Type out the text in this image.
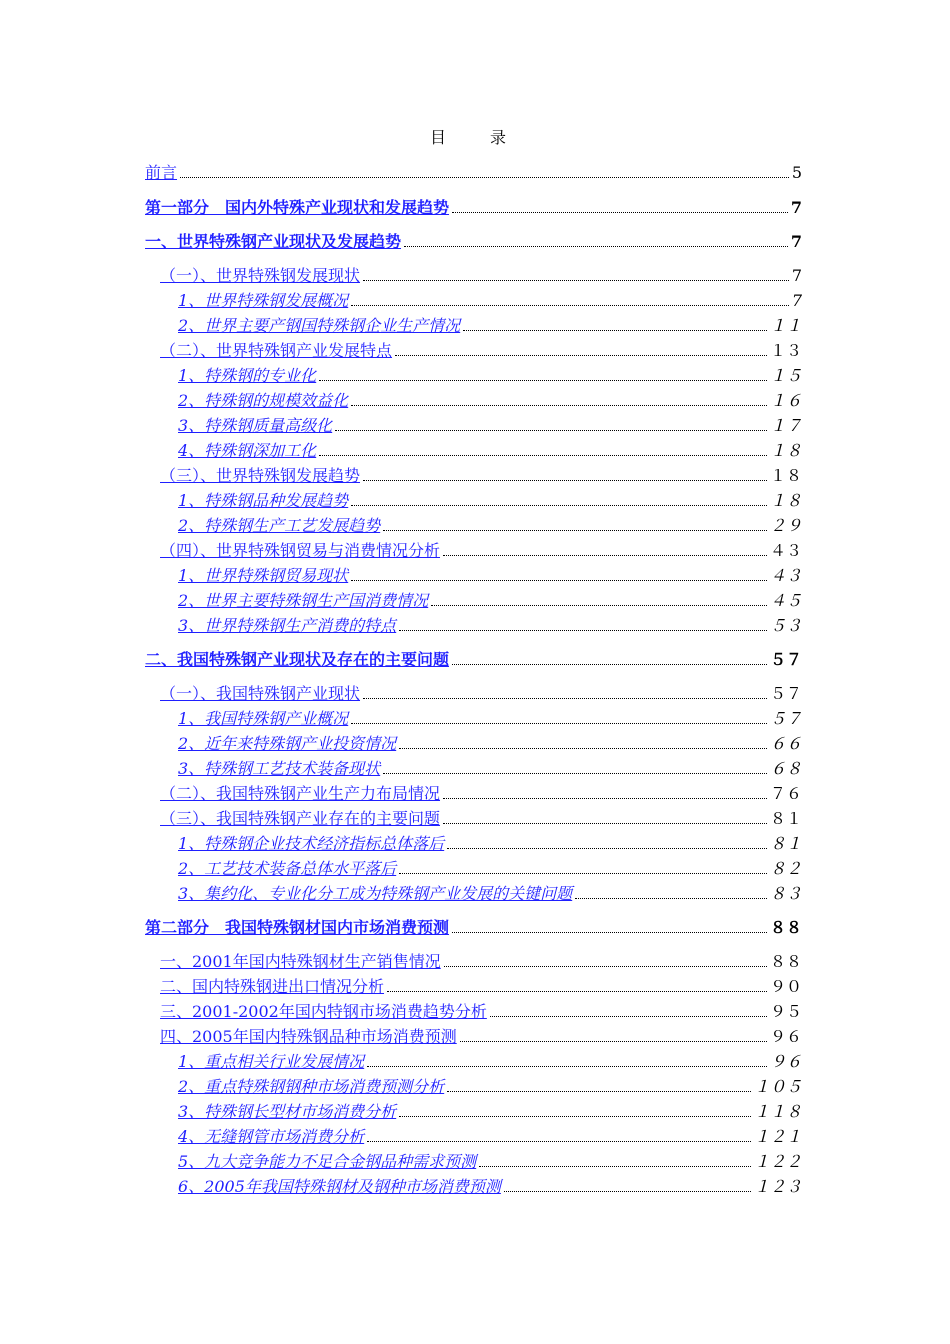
目　录
前言	5
第一部分　国内外特殊产业现状和发展趋势	7
一、世界特殊钢产业现状及发展趋势	7
（一）、世界特殊钢发展现状	7
1、世界特殊钢发展概况	7
2、世界主要产钢国特殊钢企业生产情况	１１
（二）、世界特殊钢产业发展特点	１３
1、特殊钢的专业化	１５
2、特殊钢的规模效益化	１６
3、特殊钢质量高级化	１７
4、特殊钢深加工化	１８
（三）、世界特殊钢发展趋势	１８
1、特殊钢品种发展趋势	１８
2、特殊钢生产工艺发展趋势	２９
（四）、世界特殊钢贸易与消费情况分析	４３
1、世界特殊钢贸易现状	４３
2、世界主要特殊钢生产国消费情况	４５
3、世界特殊钢生产消费的特点	５３
二、我国特殊钢产业现状及存在的主要问题	５７
（一）、我国特殊钢产业现状	５７
1、我国特殊钢产业概况	５７
2、近年来特殊钢产业投资情况	６６
3、特殊钢工艺技术装备现状	６８
（二）、我国特殊钢产业生产力布局情况	７６
（三）、我国特殊钢产业存在的主要问题	８１
1、特殊钢企业技术经济指标总体落后	８１
2、工艺技术装备总体水平落后	８２
3、集约化、专业化分工成为特殊钢产业发展的关键问题	８３
第二部分　我国特殊钢材国内市场消费预测	８８
一、2001年国内特殊钢材生产销售情况	８８
二、国内特殊钢进出口情况分析	９０
三、2001-2002年国内特钢市场消费趋势分析	９５
四、2005年国内特殊钢品种市场消费预测	９６
1、重点相关行业发展情况	９６
2、重点特殊钢钢种市场消费预测分析	１０５
3、特殊钢长型材市场消费分析	１１８
4、无缝钢管市场消费分析	１２１
5、九大竞争能力不足合金钢品种需求预测	１２２
6、2005年我国特殊钢材及钢种市场消费预测	１２３
